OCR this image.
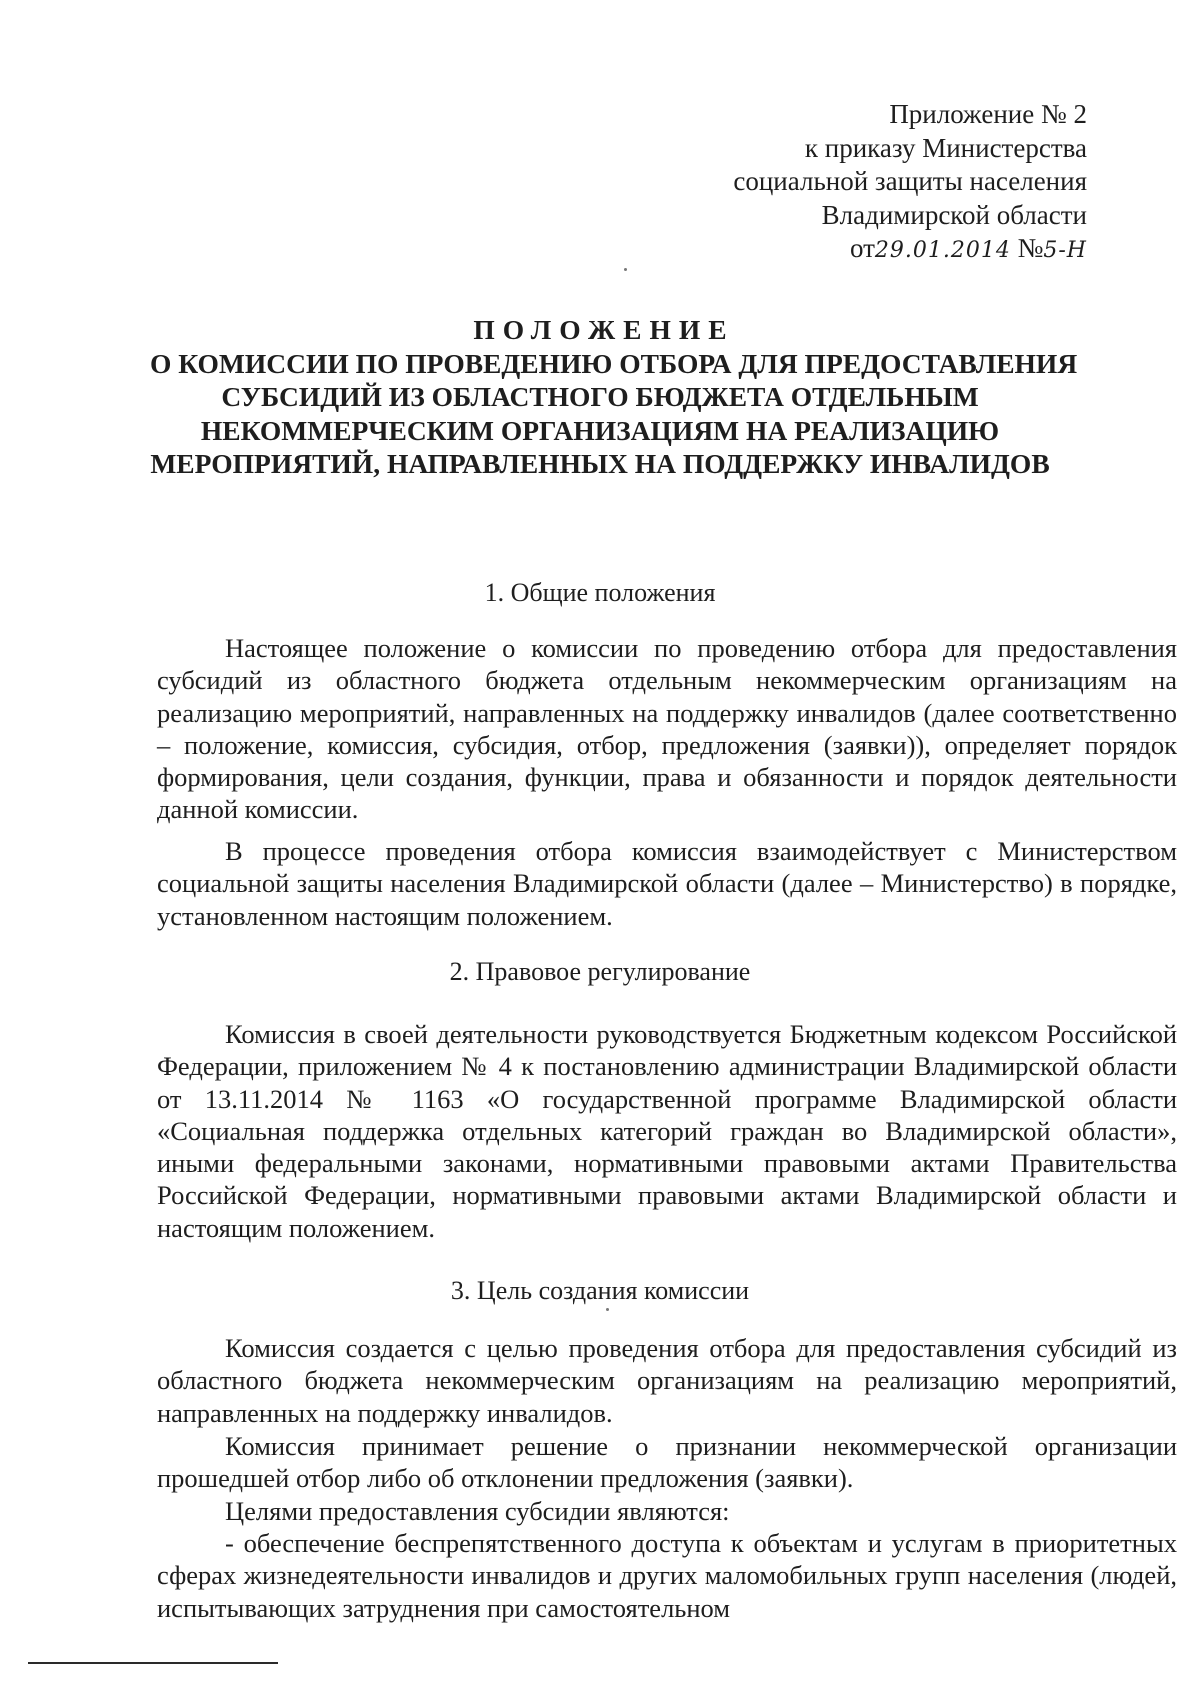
Приложение № 2
к приказу Министерства
социальной защиты населения
Владимирской области
от29.01.2014 №5-H
ПОЛОЖЕНИЕ
О КОМИССИИ ПО ПРОВЕДЕНИЮ ОТБОРА ДЛЯ ПРЕДОСТАВЛЕНИЯ
СУБСИДИЙ ИЗ ОБЛАСТНОГО БЮДЖЕТА ОТДЕЛЬНЫМ
НЕКОММЕРЧЕСКИМ ОРГАНИЗАЦИЯМ НА РЕАЛИЗАЦИЮ
МЕРОПРИЯТИЙ, НАПРАВЛЕННЫХ НА ПОДДЕРЖКУ ИНВАЛИДОВ
1. Общие положения

Настоящее положение о комиссии по проведению отбора для предоставления субсидий из областного бюджета отдельным некоммерческим организациям на реализацию мероприятий, направленных на поддержку инвалидов (далее соответственно – положение, комиссия, субсидия, отбор, предложения (заявки)), определяет порядок формирования, цели создания, функции, права и обязанности и порядок деятельности данной комиссии.

В процессе проведения отбора комиссия взаимодействует с Министерством социальной защиты населения Владимирской области (далее – Министерство) в порядке, установленном настоящим положением.

2. Правовое регулирование

Комиссия в своей деятельности руководствуется Бюджетным кодексом Российской Федерации, приложением № 4 к постановлению администрации Владимирской области от 13.11.2014 № 1163 «О государственной программе Владимирской области «Социальная поддержка отдельных категорий граждан во Владимирской области», иными федеральными законами, нормативными правовыми актами Правительства Российской Федерации, нормативными правовыми актами Владимирской области и настоящим положением.

3. Цель создания комиссии

Комиссия создается с целью проведения отбора для предоставления субсидий из областного бюджета некоммерческим организациям на реализацию мероприятий, направленных на поддержку инвалидов.

Комиссия принимает решение о признании некоммерческой организации прошедшей отбор либо об отклонении предложения (заявки).

Целями предоставления субсидии являются:

- обеспечение беспрепятственного доступа к объектам и услугам в приоритетных сферах жизнедеятельности инвалидов и других маломобильных групп населения (людей, испытывающих затруднения при самостоятельном
